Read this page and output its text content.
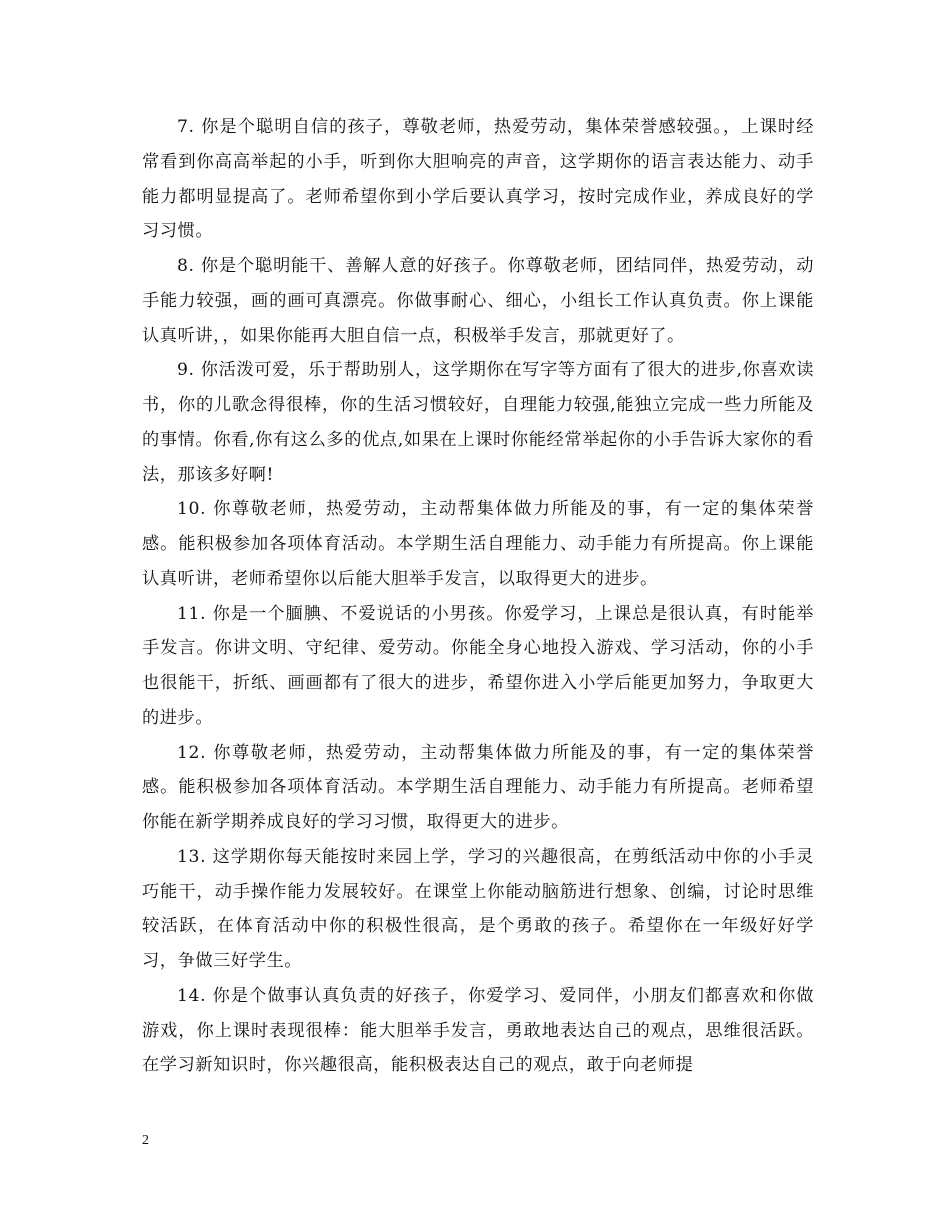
7. 你是个聪明自信的孩子，尊敬老师，热爱劳动，集体荣誉感较强。，上课时经常看到你高高举起的小手，听到你大胆响亮的声音，这学期你的语言表达能力、动手能力都明显提高了。老师希望你到小学后要认真学习，按时完成作业，养成良好的学习习惯。

8. 你是个聪明能干、善解人意的好孩子。你尊敬老师，团结同伴，热爱劳动，动手能力较强，画的画可真漂亮。你做事耐心、细心，小组长工作认真负责。你上课能认真听讲，，如果你能再大胆自信一点，积极举手发言，那就更好了。

9. 你活泼可爱，乐于帮助别人，这学期你在写字等方面有了很大的进步,你喜欢读书，你的儿歌念得很棒，你的生活习惯较好，自理能力较强,能独立完成一些力所能及的事情。你看,你有这么多的优点,如果在上课时你能经常举起你的小手告诉大家你的看法，那该多好啊!

10. 你尊敬老师，热爱劳动，主动帮集体做力所能及的事，有一定的集体荣誉感。能积极参加各项体育活动。本学期生活自理能力、动手能力有所提高。你上课能认真听讲，老师希望你以后能大胆举手发言，以取得更大的进步。

11. 你是一个腼腆、不爱说话的小男孩。你爱学习，上课总是很认真，有时能举手发言。你讲文明、守纪律、爱劳动。你能全身心地投入游戏、学习活动，你的小手也很能干，折纸、画画都有了很大的进步，希望你进入小学后能更加努力，争取更大的进步。

12. 你尊敬老师，热爱劳动，主动帮集体做力所能及的事，有一定的集体荣誉感。能积极参加各项体育活动。本学期生活自理能力、动手能力有所提高。老师希望你能在新学期养成良好的学习习惯，取得更大的进步。

13. 这学期你每天能按时来园上学，学习的兴趣很高，在剪纸活动中你的小手灵巧能干，动手操作能力发展较好。在课堂上你能动脑筋进行想象、创编，讨论时思维较活跃，在体育活动中你的积极性很高，是个勇敢的孩子。希望你在一年级好好学习，争做三好学生。

14. 你是个做事认真负责的好孩子，你爱学习、爱同伴，小朋友们都喜欢和你做游戏，你上课时表现很棒：能大胆举手发言，勇敢地表达自己的观点，思维很活跃。在学习新知识时，你兴趣很高，能积极表达自己的观点，敢于向老师提

2
